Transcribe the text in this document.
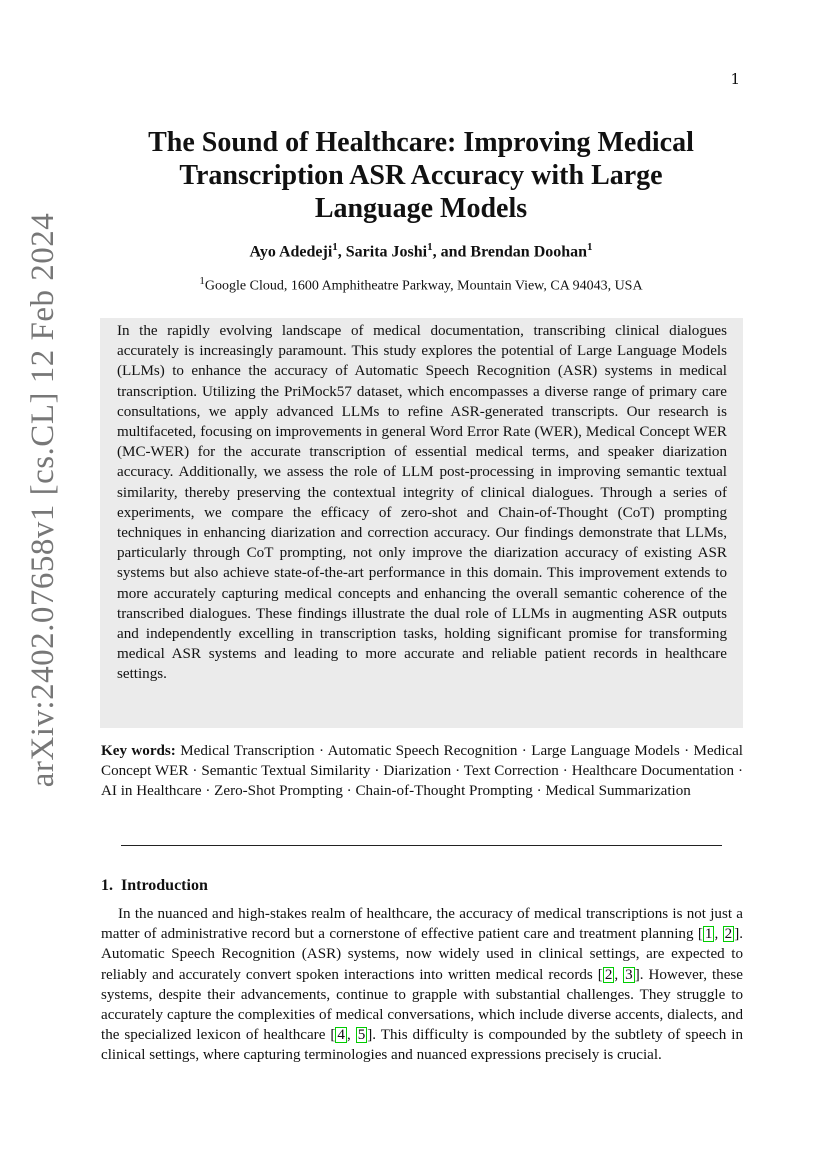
1
arXiv:2402.07658v1 [cs.CL] 12 Feb 2024
The Sound of Healthcare: Improving Medical Transcription ASR Accuracy with Large Language Models
Ayo Adedeji$^1$, Sarita Joshi$^1$, and Brendan Doohan$^1$
$^1$Google Cloud, 1600 Amphitheatre Parkway, Mountain View, CA 94043, USA

In the rapidly evolving landscape of medical documentation, transcribing clinical dialogues accurately is increasingly paramount. This study explores the potential of Large Language Models (LLMs) to enhance the accuracy of Automatic Speech Recognition (ASR) systems in medical transcription. Utilizing the PriMock57 dataset, which encompasses a diverse range of primary care consultations, we apply advanced LLMs to refine ASR-generated transcripts. Our research is multifaceted, focusing on improvements in general Word Error Rate (WER), Medical Concept WER (MC-WER) for the accurate transcription of essential medical terms, and speaker diarization accuracy. Additionally, we assess the role of LLM post-processing in improving semantic textual similarity, thereby preserving the contextual integrity of clinical dialogues. Through a series of experiments, we compare the efficacy of zero-shot and Chain-of-Thought (CoT) prompting techniques in enhancing diarization and correction accuracy. Our findings demonstrate that LLMs, particularly through CoT prompting, not only improve the diarization accuracy of existing ASR systems but also achieve state-of-the-art performance in this domain. This improvement extends to more accurately capturing medical concepts and enhancing the overall semantic coherence of the transcribed dialogues. These findings illustrate the dual role of LLMs in augmenting ASR outputs and independently excelling in transcription tasks, holding significant promise for transforming medical ASR systems and leading to more accurate and reliable patient records in healthcare settings.

Key words: Medical Transcription · Automatic Speech Recognition · Large Language Models · Medical Concept WER · Semantic Textual Similarity · Diarization · Text Correction · Healthcare Documentation · AI in Healthcare · Zero-Shot Prompting · Chain-of-Thought Prompting · Medical Summarization
1. Introduction

In the nuanced and high-stakes realm of healthcare, the accuracy of medical transcriptions is not just a matter of administrative record but a cornerstone of effective patient care and treatment planning [ 1 , 2 ]. Automatic Speech Recognition (ASR) systems, now widely used in clinical settings, are expected to reliably and accurately convert spoken interactions into written medical records [ 2 , 3 ]. However, these systems, despite their advancements, continue to grapple with substantial challenges. They struggle to accurately capture the complexities of medical conversations, which include diverse accents, dialects, and the specialized lexicon of healthcare [ 4 , 5 ]. This difficulty is compounded by the subtlety of speech in clinical settings, where capturing terminologies and nuanced expressions precisely is crucial.
